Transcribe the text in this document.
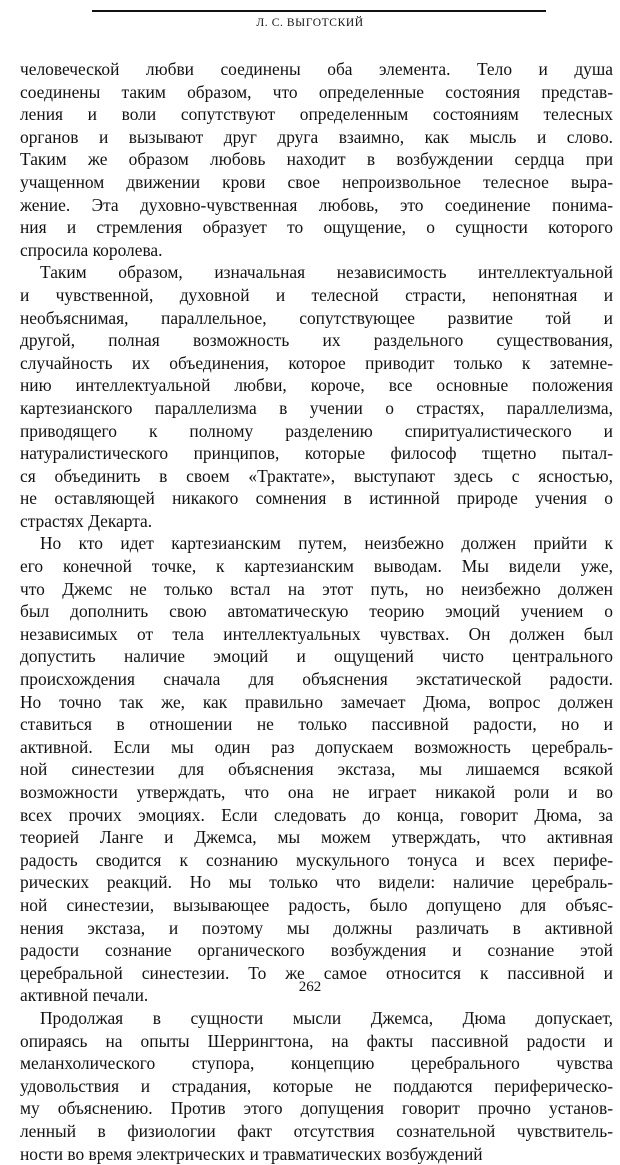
Л. С. ВЫГОТСКИЙ
человеческой любви соединены оба элемента. Тело и душа
соединены таким образом, что определенные состояния представ-
ления и воли сопутствуют определенным состояниям телесных
органов и вызывают друг друга взаимно, как мысль и слово.
Таким же образом любовь находит в возбуждении сердца при
учащенном движении крови свое непроизвольное телесное выра-
жение. Эта духовно-чувственная любовь, это соединение понима-
ния и стремления образует то ощущение, о сущности которого
спросила королева.
Таким образом, изначальная независимость интеллектуальной
и чувственной, духовной и телесной страсти, непонятная и
необъяснимая, параллельное, сопутствующее развитие той и
другой, полная возможность их раздельного существования,
случайность их объединения, которое приводит только к затемне-
нию интеллектуальной любви, короче, все основные положения
картезианского параллелизма в учении о страстях, параллелизма,
приводящего к полному разделению спиритуалистического и
натуралистического принципов, которые философ тщетно пытал-
ся объединить в своем «Трактате», выступают здесь с ясностью,
не оставляющей никакого сомнения в истинной природе учения о
страстях Декарта.
Но кто идет картезианским путем, неизбежно должен прийти к
его конечной точке, к картезианским выводам. Мы видели уже,
что Джемс не только встал на этот путь, но неизбежно должен
был дополнить свою автоматическую теорию эмоций учением о
независимых от тела интеллектуальных чувствах. Он должен был
допустить наличие эмоций и ощущений чисто центрального
происхождения сначала для объяснения экстатической радости.
Но точно так же, как правильно замечает Дюма, вопрос должен
ставиться в отношении не только пассивной радости, но и
активной. Если мы один раз допускаем возможность церебраль-
ной синестезии для объяснения экстаза, мы лишаемся всякой
возможности утверждать, что она не играет никакой роли и во
всех прочих эмоциях. Если следовать до конца, говорит Дюма, за
теорией Ланге и Джемса, мы можем утверждать, что активная
радость сводится к сознанию мускульного тонуса и всех перифе-
рических реакций. Но мы только что видели: наличие церебраль-
ной синестезии, вызывающее радость, было допущено для объяс-
нения экстаза, и поэтому мы должны различать в активной
радости сознание органического возбуждения и сознание этой
церебральной синестезии. То же самое относится к пассивной и
активной печали.
Продолжая в сущности мысли Джемса, Дюма допускает,
опираясь на опыты Шеррингтона, на факты пассивной радости и
меланхолического ступора, концепцию церебрального чувства
удовольствия и страдания, которые не поддаются периферическо-
му объяснению. Против этого допущения говорит прочно установ-
ленный в физиологии факт отсутствия сознательной чувствитель-
ности во время электрических и травматических возбуждений
262
